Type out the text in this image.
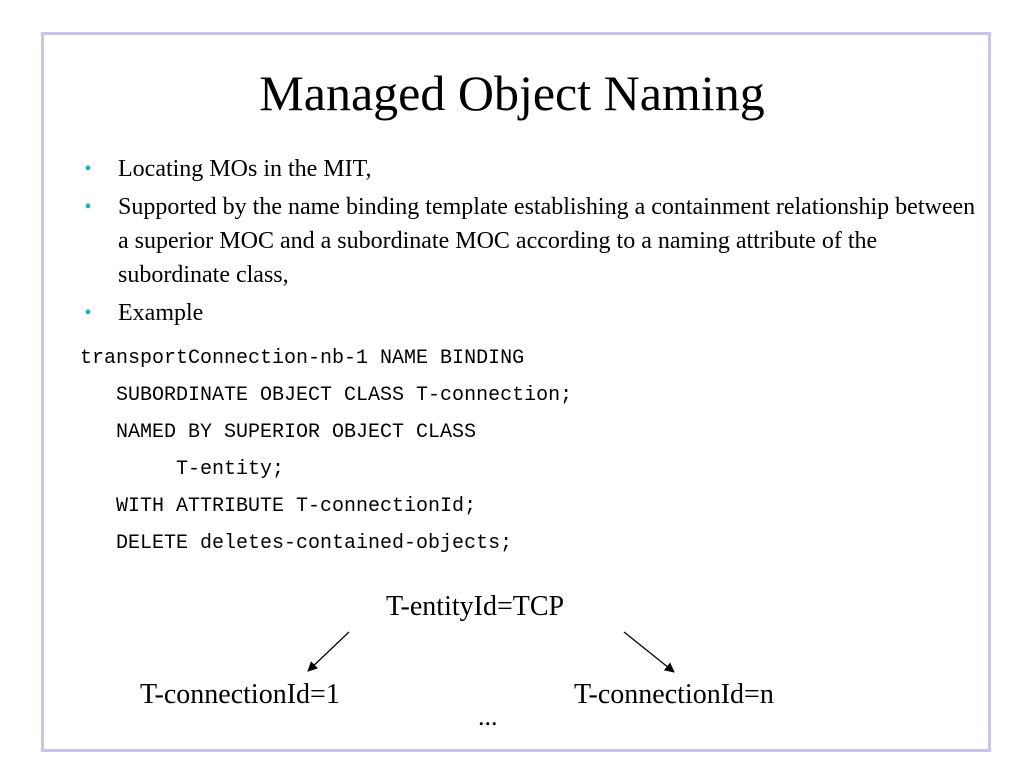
Managed Object Naming
• Locating MOs in the MIT,
• Supported by the name binding template establishing a containment relationship between a superior MOC and a subordinate MOC according to a naming attribute of the subordinate class,
• Example
transportConnection-nb-1 NAME BINDING
SUBORDINATE OBJECT CLASS T-connection;
NAMED BY SUPERIOR OBJECT CLASS
T-entity;
WITH ATTRIBUTE T-connectionId;
DELETE deletes-contained-objects;
T-entityId=TCP
T-connectionId=1	T-connectionId=n
...
